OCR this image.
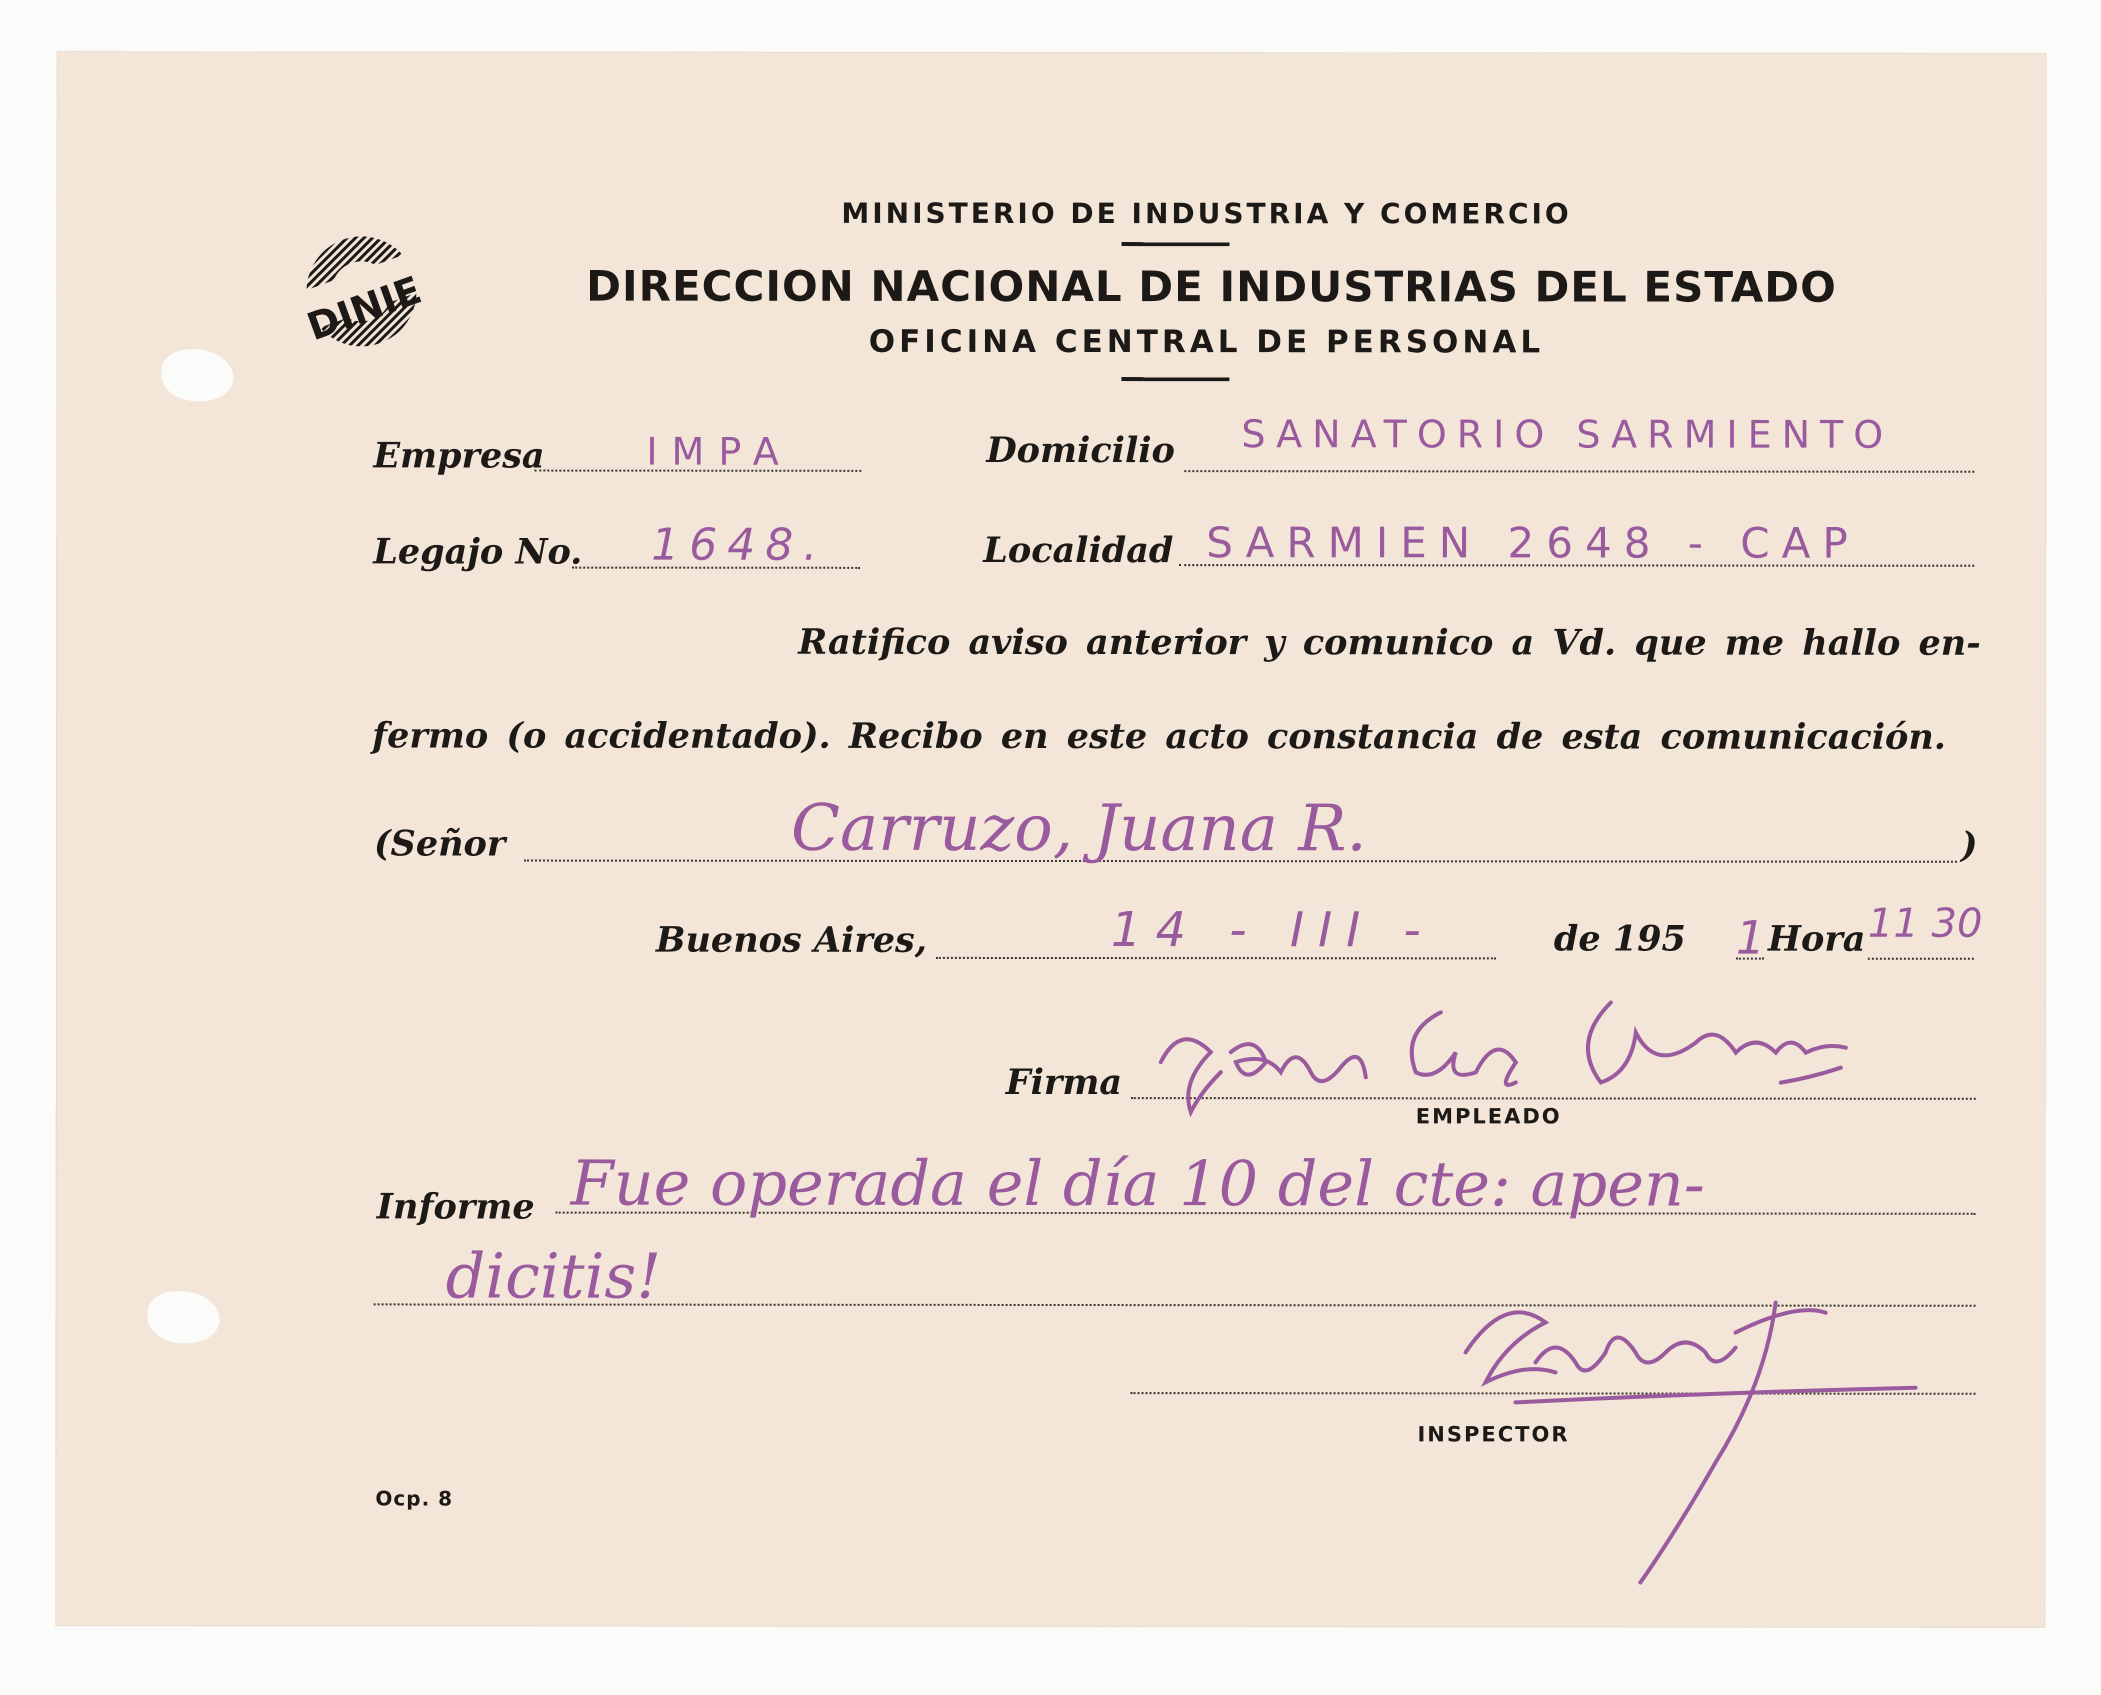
DINIE
MINISTERIO DE INDUSTRIA Y COMERCIO
DIRECCION NACIONAL DE INDUSTRIAS DEL ESTADO
OFICINA CENTRAL DE PERSONAL
Empresa	IMPA	Domicilio SANATORIO SARMIENTO
Legajo No. 1648.	Localidad SARMIEN 2648 - CAP
Ratifico aviso anterior y comunico a Vd. que me hallo en-
fermo (o accidentado). Recibo en este acto constancia de esta comunicación.
(Señor	)
Carruzo, Juana R.
Buenos Aires,	14 - III -	de 195 1 Hora 11 30
Firma
EMPLEADO
Informe Fue operada el día 10 del cte: apen-
dicitis!
INSPECTOR
Ocp. 8
